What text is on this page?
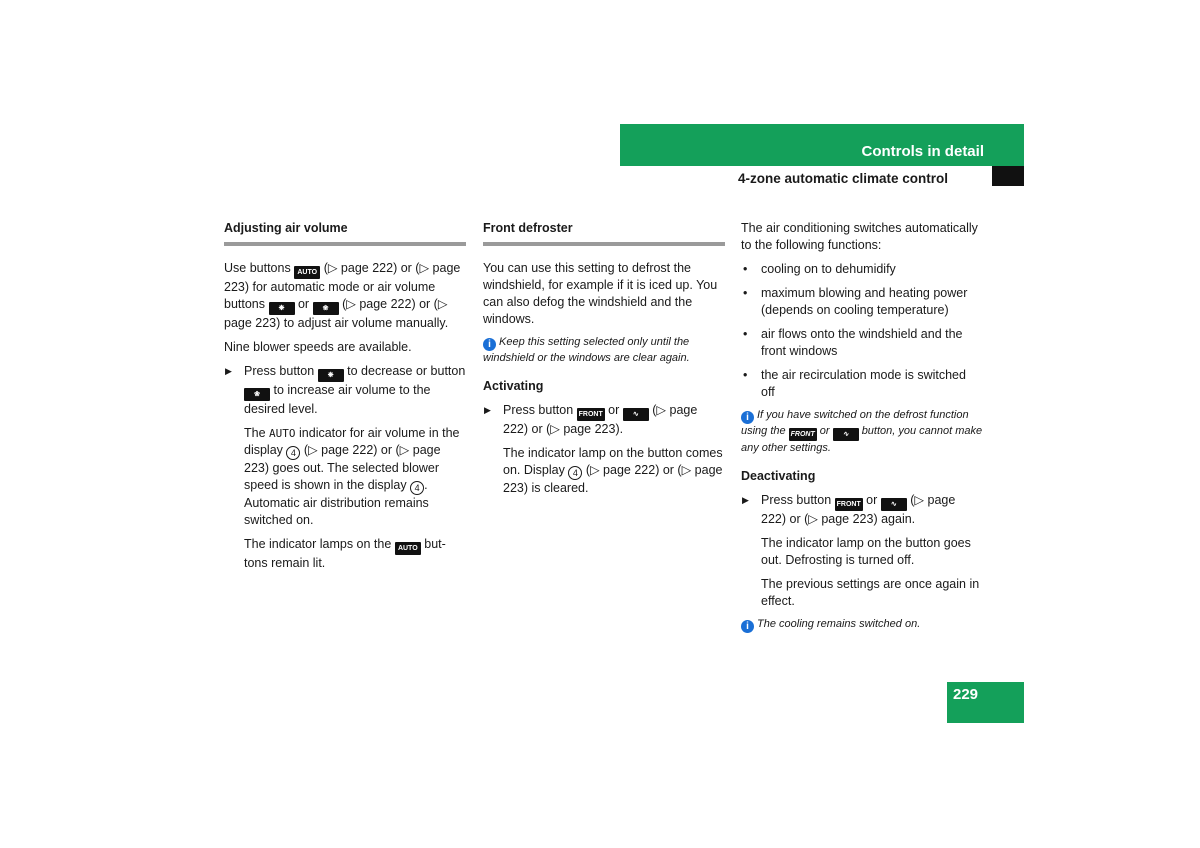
Controls in detail
4-zone automatic climate control
Adjusting air volume

Use buttons AUTO (▷ page 222) or (▷ page 223) for automatic mode or air volume buttons ❋ or ❀ (▷ page 222) or (▷ page 223) to adjust air volume manually.

Nine blower speeds are available.

▶ Press button ❋ to decrease or button ❀ to increase air volume to the desired level.
The AUTO indicator for air volume in the display 4 (▷ page 222) or (▷ page 223) goes out. The selected blower speed is shown in the display 4 . Automatic air distribution remains switched on.
The indicator lamps on the AUTO but-tons remain lit.
Front defroster

You can use this setting to defrost the windshield, for example if it is iced up. You can also defog the windshield and the windows.

i Keep this setting selected only until the windshield or the windows are clear again.
Activating
▶ Press button FRONT or ∿ (▷ page 222) or (▷ page 223).
The indicator lamp on the button comes on. Display 4 (▷ page 222) or (▷ page 223) is cleared.

The air conditioning switches automatically to the following functions:

• cooling on to dehumidify
• maximum blowing and heating power (depends on cooling temperature)
• air flows onto the windshield and the front windows
• the air recirculation mode is switched off
i If you have switched on the defrost function using the FRONT or ∿ button, you cannot make any other settings.
Deactivating
▶ Press button FRONT or ∿ (▷ page 222) or (▷ page 223) again.
The indicator lamp on the button goes out. Defrosting is turned off.
The previous settings are once again in effect.
i The cooling remains switched on.
229
